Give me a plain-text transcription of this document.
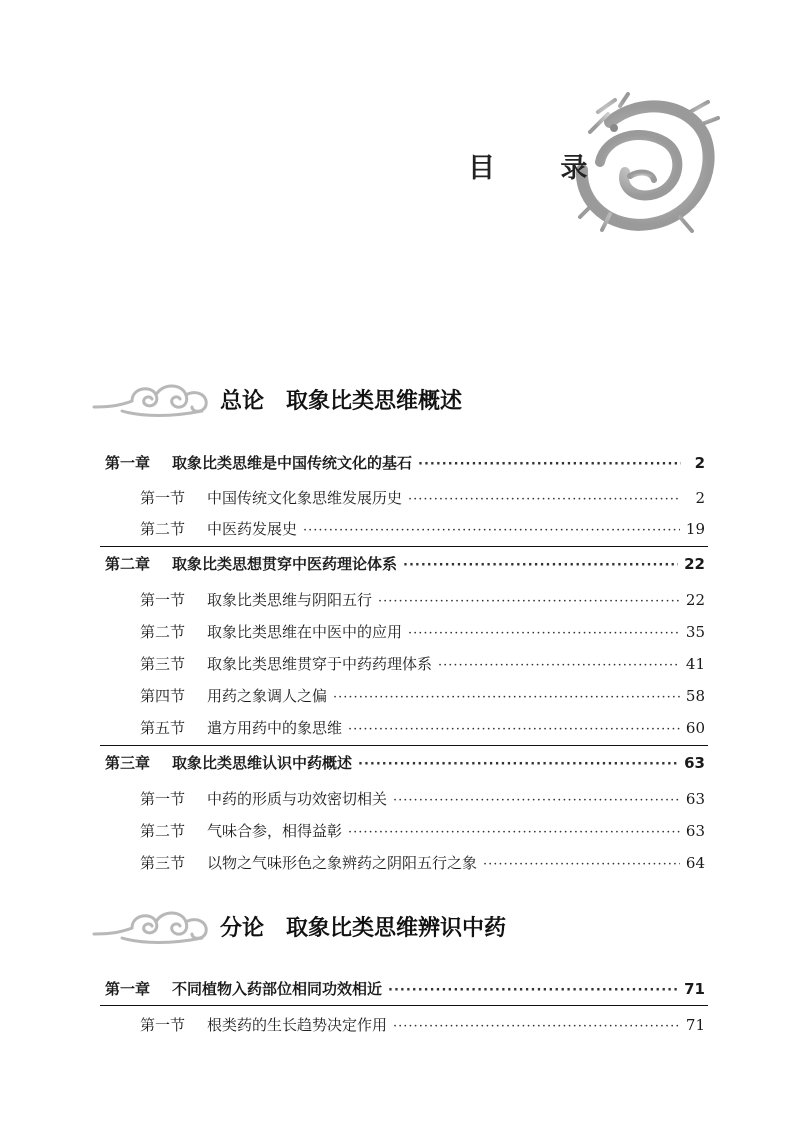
目 录
总论　取象比类思维概述
第一章 取象比类思维是中国传统文化的基石 ·····	2
第一节 中国传统文化象思维发展历史 ·····	2
第二节 中医药发展史 ·····	19
第二章 取象比类思想贯穿中医药理论体系 ·····	22
第一节 取象比类思维与阴阳五行 ·····	22
第二节 取象比类思维在中医中的应用 ·····	35
第三节 取象比类思维贯穿于中药药理体系 ·····	41
第四节 用药之象调人之偏 ·····	58
第五节 遣方用药中的象思维 ·····	60
第三章 取象比类思维认识中药概述 ·····	63
第一节 中药的形质与功效密切相关 ·····	63
第二节 气味合参，相得益彰 ·····	63
第三节 以物之气味形色之象辨药之阴阳五行之象 ·····	64
分论　取象比类思维辨识中药
第一章 不同植物入药部位相同功效相近 ·····	71
第一节 根类药的生长趋势决定作用 ·····	71
